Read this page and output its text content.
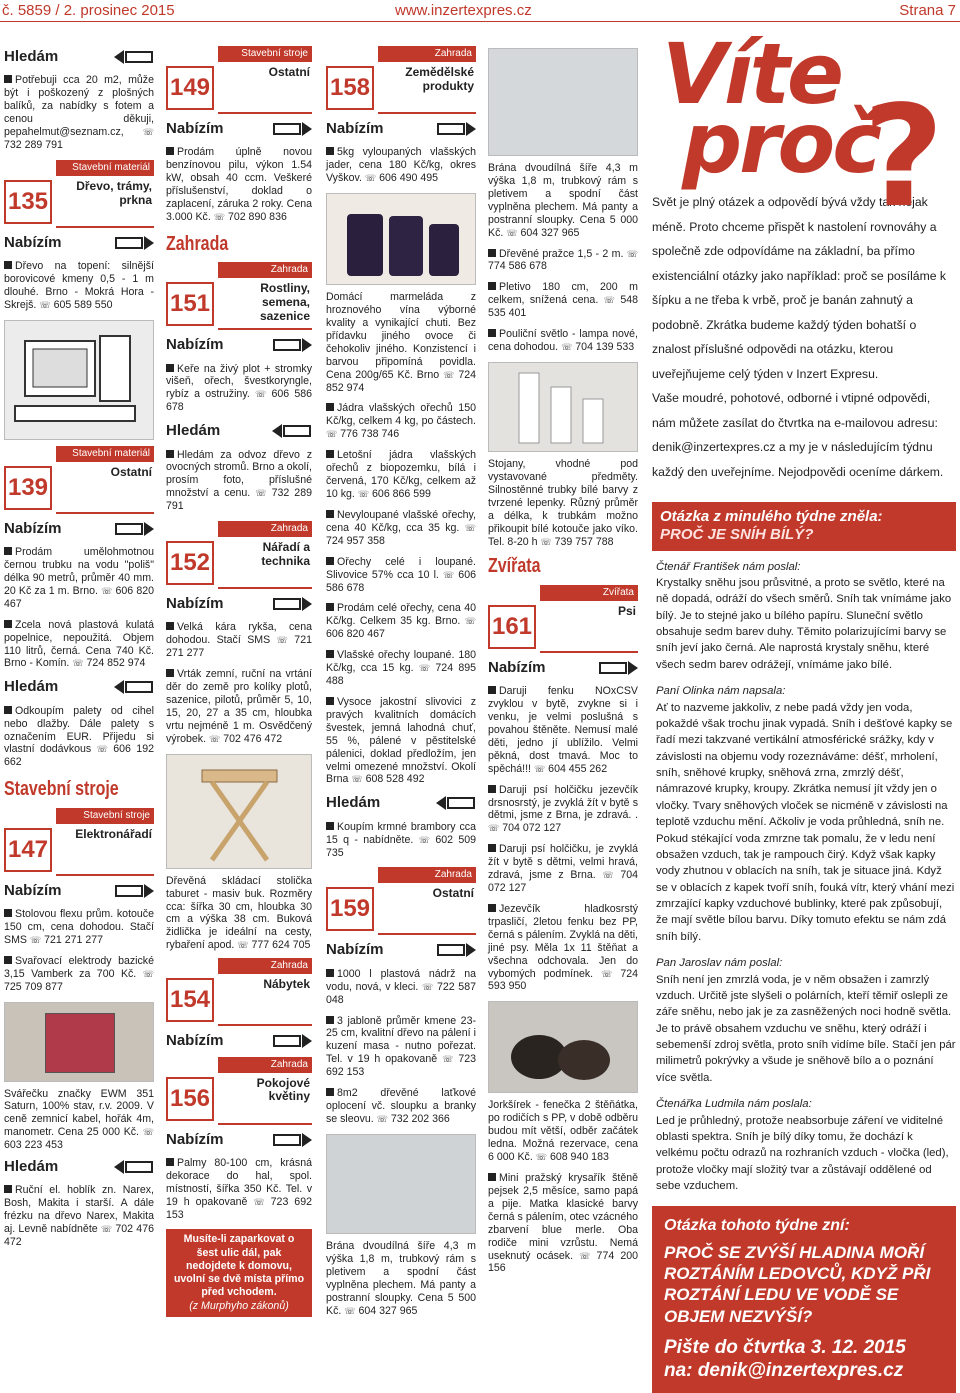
č. 5859 / 2. prosinec 2015	www.inzertexpres.cz	Strana 7
Hledám
Potřebuji cca 20 m2, může být i poškozený z plošných balíků, za nabídky s fotem a cenou děkuji, pepahelmut@seznam.cz, ☏ 732 289 791
Stavební materiál
135
Dřevo, trámy, prkna
Nabízím
Dřevo na topení: silnější borovicové kmeny 0,5 - 1 m dlouhé. Brno - Mokrá Hora - Skrejš. ☏ 605 589 550
Stavební materiál
139
Ostatní
Nabízím
Prodám umělohmotnou černou trubku na vodu "poliš" délka 90 metrů, průměr 40 mm. 20 Kč za 1 m. Brno. ☏ 606 820 467
Zcela nová plastová kulatá popelnice, nepoužitá. Objem 110 litrů, černá. Cena 740 Kč. Brno - Komín. ☏ 724 852 974
Hledám
Odkoupím palety od cihel nebo dlažby. Dále palety s označením EUR. Přijedu si vlastní dodávkous ☏ 606 192 662
Stavební stroje
Stavební stroje
147
Elektronářadí
Nabízím
Stolovou flexu prům. kotouče 150 cm, cena dohodou. Stačí SMS ☏ 721 271 277
Svařovací elektrody bazické 3,15 Vamberk za 700 Kč. ☏ 725 709 877
Svářečku značky EWM 351 Saturn, 100% stav, r.v. 2009. V ceně zemnicí kabel, hořák 4m, manometr. Cena 25 000 Kč. ☏ 603 223 453
Hledám
Ruční el. hoblík zn. Narex, Bosh, Makita i starší. A dále frézku na dřevo Narex, Makita aj. Levně nabídněte ☏ 702 476 472
Stavební stroje
149
Ostatní
Nabízím
Prodám úplně novou benzínovou pilu, výkon 1.54 kW, obsah 40 ccm. Veškeré příslušenství, doklad o zaplacení, záruka 2 roky. Cena 3.000 Kč. ☏ 702 890 836
Zahrada
Zahrada
151
Rostliny, semena, sazenice
Nabízím
Keře na živý plot + stromky višeň, ořech, švestkoryngle, rybíz a ostružiny. ☏ 606 586 678
Hledám
Hledám za odvoz dřevo z ovocných stromů. Brno a okolí, prosím foto, příslušné množství a cenu. ☏ 732 289 791
Zahrada
152
Nářadí a technika
Nabízím
Velká kára rykša, cena dohodou. Stačí SMS ☏ 721 271 277
Vrták zemní, ruční na vrtání děr do země pro kolíky plotů, sazenice, pilotů, průměr 5, 10, 15, 20, 27 a 35 cm, hloubka vrtu nejméně 1 m. Osvědčený výrobek. ☏ 702 476 472
Dřevěná skládací stolička taburet - masiv buk. Rozměry cca: šířka 30 cm, hloubka 30 cm a výška 38 cm. Buková židlička je ideální na cesty, rybaření apod. ☏ 777 624 705
Zahrada
154
Nábytek
Nabízím
Zahrada
156
Pokojové květiny
Nabízím
Palmy 80-100 cm, krásná dekorace do hal, spol. místností, šířka 350 Kč. Tel. v 19 h opakovaně ☏ 723 692 153
Musíte-li zaparkovat o šest ulic dál, pak nedojdete k domovu, uvolní se dvě místa přímo před vchodem.
(z Murphyho zákonů)
Zahrada
158
Zemědělské produkty
Nabízím
5kg vyloupaných vlašských jader, cena 180 Kč/kg, okres Vyškov. ☏ 606 490 495
Domácí marmeláda z hroznového vína výborné kvality a vynikající chuti. Bez přídavku jiného ovoce či čehokoliv jiného. Konzistencí i barvou připomíná povidla. Cena 200g/65 Kč. Brno ☏ 724 852 974
Jádra vlašských ořechů 150 Kč/kg, celkem 4 kg, po částech. ☏ 776 738 746
Letošní jádra vlašských ořechů z biopozemku, bílá i červená, 170 Kč/kg, celkem až 10 kg. ☏ 606 866 599
Nevyloupané vlašské ořechy, cena 40 Kč/kg, cca 35 kg. ☏ 724 957 358
Ořechy celé i loupané. Slivovice 57% cca 10 l. ☏ 606 586 678
Prodám celé ořechy, cena 40 Kč/kg. Celkem 35 kg. Brno. ☏ 606 820 467
Vlašské ořechy loupané. 180 Kč/kg, cca 15 kg. ☏ 724 895 488
Vysoce jakostní slivovici z pravých kvalitních domácích švestek, jemná lahodná chuť, 55 %, pálené v pěstitelské pálenici, doklad předložím, jen velmi omezené množství. Okolí Brna ☏ 608 528 492
Hledám
Koupím krmné brambory cca 15 q - nabídněte. ☏ 602 509 735
Zahrada
159
Ostatní
Nabízím
1000 l plastová nádrž na vodu, nová, v kleci. ☏ 722 587 048
3 jabloně průměr kmene 23-25 cm, kvalitní dřevo na pálení i kuzení masa - nutno pořezat. Tel. v 19 h opakovaně ☏ 723 692 153
8m2 dřevěné laťkové oplocení vč. sloupku a branky se sleovu. ☏ 732 202 366
Brána dvoudílná šíře 4,3 m výška 1,8 m, trubkový rám s pletivem a spodní část vyplněna plechem. Má panty a postranní sloupky. Cena 5 500 Kč. ☏ 604 327 965
Brána dvoudílná šíře 4,3 m výška 1,8 m, trubkový rám s pletivem a spodní část vyplněna plechem. Má panty a postranní sloupky. Cena 5 000 Kč. ☏ 604 327 965
Dřevěné pražce 1,5 - 2 m. ☏ 774 586 678
Pletivo 180 cm, 200 m celkem, snížená cena. ☏ 548 535 401
Pouliční světlo - lampa nové, cena dohodou. ☏ 704 139 533
Stojany, vhodné pod vystavované předměty. Silnostěnné trubky bílé barvy z tvrzené lepenky. Různý průměr a délka, k trubkám možno přikoupit bílé kotouče jako víko. Tel. 8-20 h ☏ 739 757 788
Zvířata
Zvířata
161
Psi
Nabízím
Daruji fenku NOxCSV zvyklou v bytě, zvykne si i venku, je velmi poslušná s povahou štěněte. Nemusí malé děti, jedno jí ublížilo. Velmi pěkná, dost tmavá. Moc to spěchá!!! ☏ 604 455 262
Daruji psí holčičku jezevčík drsnosrstý, je zvyklá žít v bytě s dětmi, jsme z Brna, je zdravá. . ☏ 704 072 127
Daruji psí holčičku, je zvyklá žít v bytě s dětmi, velmi hravá, zdravá, jsme z Brna. ☏ 704 072 127
Jezevčík hladkosrstý trpasličí, 2letou fenku bez PP, černá s pálením. Zvyklá na děti, jiné psy. Měla 1x 11 štěňat a všechna odchovala. Jen do vybomých podmínek. ☏ 724 593 950
Jorkšírek - fenečka 2 štěňátka, po rodičích s PP, v době odběru budou mít větší, odběr začátek ledna. Možná rezervace, cena 6 000 Kč. ☏ 608 940 183
Mini pražský krysařík štěně pejsek 2,5 měsíce, samo papá a pije. Matka klasické barvy černá s pálením, otec vzácného zbarvení blue merle. Oba rodiče mini vzrůstu. Nemá useknutý ocásek. ☏ 774 200 156
Víte
proč
?

Svět je plný otázek a odpovědí bývá vždy tak nějak méně. Proto chceme přispět k nastolení rovnováhy a společně zde odpovídáme na základní, ba přímo existenciální otázky jako například: proč se posíláme k šípku a ne třeba k vrbě, proč je banán zahnutý a podobně. Zkrátka budeme každý týden bohatší o znalost příslušné odpovědi na otázku, kterou uveřejňujeme celý týden v Inzert Expresu.

Vaše moudré, pohotové, odborné i vtipné odpovědi, nám můžete zasílat do čtvrtka na e-mailovou adresu: denik@inzertexpres.cz a my je v následujícím týdnu každý den uveřejníme. Nejodpovědi oceníme dárkem.

Otázka z minulého týdne zněla:
PROČ JE SNÍH BÍLÝ?
Čtenář František nám poslal:
Krystalky sněhu jsou průsvitné, a proto se světlo, které na ně dopadá, odráží do všech směrů. Sníh tak vnímáme jako bílý. Je to stejné jako u bílého papíru. Sluneční světlo obsahuje sedm barev duhy. Těmito polarizujícími barvy se sníh jeví jako černá. Ale naprostá krystaly sněhu, které všech sedm barev odrážejí, vnímáme jako bílé.
Paní Olinka nám napsala:
Ať to nazveme jakkoliv, z nebe padá vždy jen voda, pokaždé však trochu jinak vypadá. Sníh i dešťové kapky se řadí mezi takzvané vertikální atmosférické srážky, kdy v závislosti na objemu vody rozeznáváme: déšť, mrholení, sníh, sněhové krupky, sněhová zrna, zmrzlý déšť, námrazové krupky, kroupy. Zkrátka nemusí jít vždy jen o vločky. Tvary sněhových vloček se nicméně v závislosti na teplotě vzduchu mění. Ačkoliv je voda průhledná, sníh ne. Pokud stékající voda zmrzne tak pomalu, že v ledu není obsažen vzduch, tak je rampouch čirý. Když však kapky vody zhutnou v oblacích na sníh, tak je situace jiná. Když se v oblacích z kapek tvoří sníh, fouká vítr, který vhání mezi zmrzající kapky vzduchové bublinky, které pak způsobují, že mají světle bílou barvu. Díky tomuto efektu se nám zdá sníh bílý.
Pan Jaroslav nám poslal:
Sníh není jen zmrzlá voda, je v něm obsažen i zamrzlý vzduch. Určitě jste slyšeli o polárních, kteří těmiř oslepli ze záře sněhu, nebo jak je za zasněžených noci hodně světla. Je to právě obsahem vzduchu ve sněhu, který odráží i sebemenší zdroj světla, proto sníh vidíme bíle. Stačí jen pár milimetrů pokrývky a všude je sněhově bílo a o poznání více světla.
Čtenářka Ludmila nám poslala:
Led je průhledný, protože neabsorbuje záření ve viditelné oblasti spektra. Sníh je bílý díky tomu, že dochází k velkému počtu odrazů na rozhraních vzduch - vločka (led), protože vločky mají složitý tvar a zůstávají oddělené od sebe vzduchem.
Otázka tohoto týdne zní:
PROČ SE ZVÝŠÍ HLADINA MOŘÍ ROZTÁNÍM LEDOVCŮ, KDYŽ PŘI ROZTÁNÍ LEDU VE VODĚ SE OBJEM NEZVÝŠÍ?
Pište do čtvrtka 3. 12. 2015
na: denik@inzertexpres.cz
